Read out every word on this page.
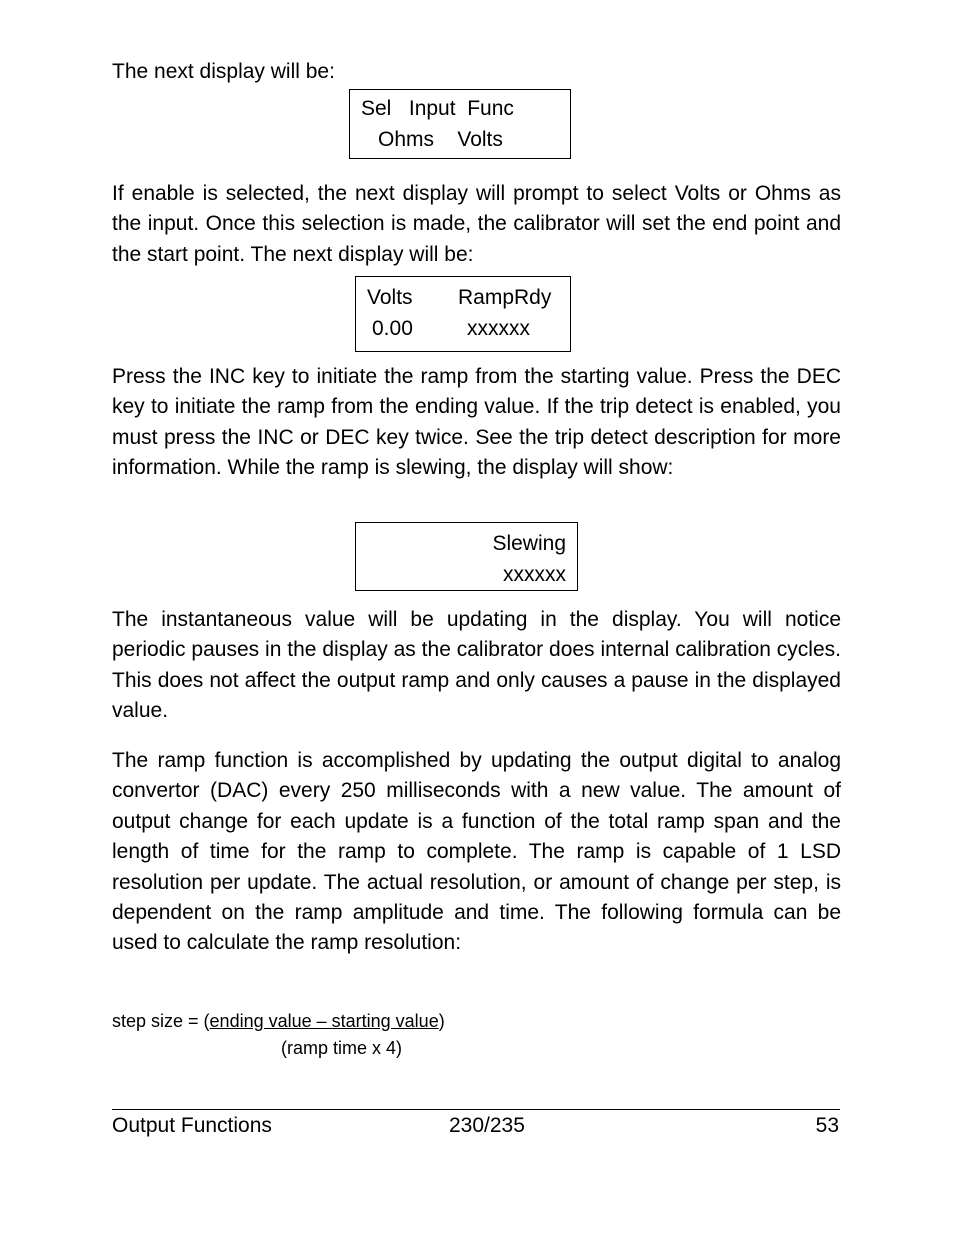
The next display will be:

Sel   Input  Func
Ohms    Volts

If enable is selected, the next display will prompt to select Volts or Ohms as the input. Once this selection is made, the calibrator will set the end point and the start point. The next display will be:

Volts RampRdy
0.00	xxxxxx

Press the INC key to initiate the ramp from the starting value. Press the DEC key to initiate the ramp from the ending value. If the trip detect is enabled, you must press the INC or DEC key twice. See the trip detect description for more information. While the ramp is slewing, the display will show:

Slewing
xxxxxx

The instantaneous value will be updating in the display. You will notice periodic pauses in the display as the calibrator does internal calibration cycles. This does not affect the output ramp and only causes a pause in the displayed value.

The ramp function is accomplished by updating the output digital to analog convertor (DAC) every 250 milliseconds with a new value. The amount of output change for each update is a function of the total ramp span and the length of time for the ramp to complete. The ramp is capable of 1 LSD resolution per update. The actual resolution, or amount of change per step, is dependent on the ramp amplitude and time. The following formula can be used to calculate the ramp resolution:

step size = (ending value – starting value)
(ramp time x 4)
Output Functions	230/235	53
